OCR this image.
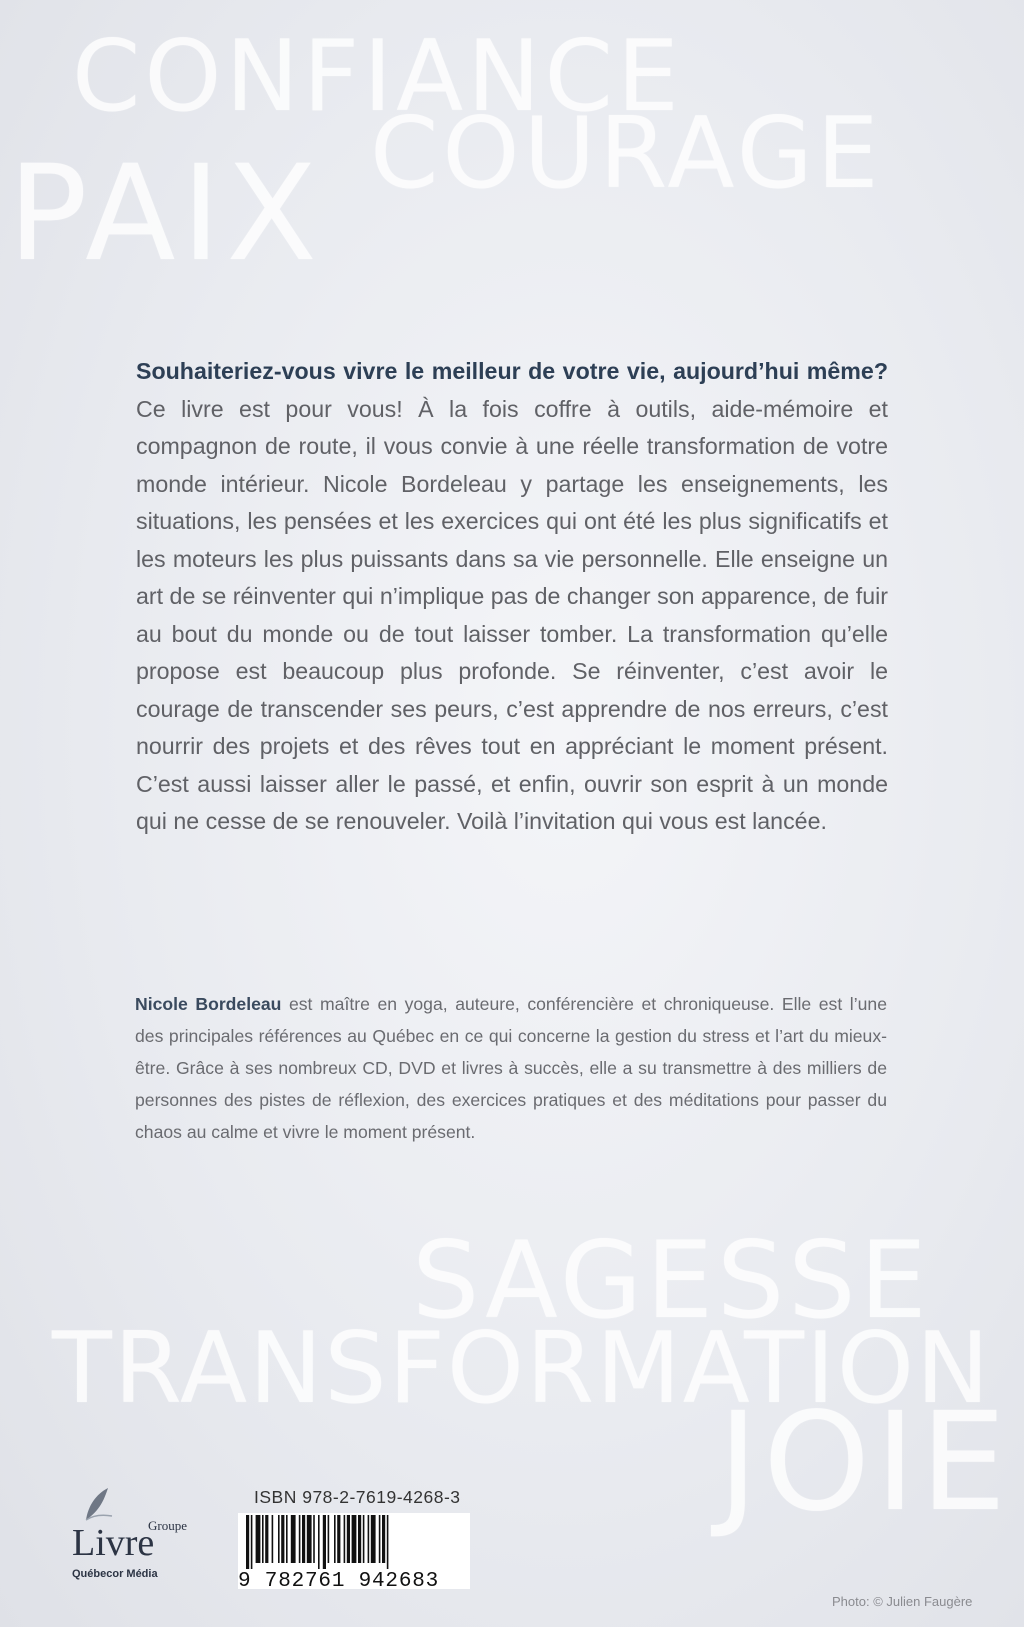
CONFIANCE
COURAGE
PAIX
SAGESSE
TRANSFORMATION
JOIE

Souhaiteriez-vous vivre le meilleur de votre vie, aujourd’hui même? Ce livre est pour vous! À la fois coffre à outils, aide-mémoire et compagnon de route, il vous convie à une réelle transformation de votre monde intérieur. Nicole Bordeleau y partage les enseignements, les situations, les pensées et les exercices qui ont été les plus significatifs et les moteurs les plus puissants dans sa vie personnelle. Elle enseigne un art de se réinventer qui n’implique pas de changer son apparence, de fuir au bout du monde ou de tout laisser tomber. La transformation qu’elle propose est beaucoup plus profonde. Se réinventer, c’est avoir le courage de transcender ses peurs, c’est apprendre de nos erreurs, c’est nourrir des projets et des rêves tout en appréciant le moment présent. C’est aussi laisser aller le passé, et enfin, ouvrir son esprit à un monde qui ne cesse de se renouveler. Voilà l’invitation qui vous est lancée.

Nicole Bordeleau est maître en yoga, auteure, conférencière et chroniqueuse. Elle est l’une des principales références au Québec en ce qui concerne la gestion du stress et l’art du mieux-être. Grâce à ses nombreux CD, DVD et livres à succès, elle a su transmettre à des milliers de personnes des pistes de réflexion, des exercices pratiques et des méditations pour passer du chaos au calme et vivre le moment présent.

Groupe
Livre
Québecor Média
ISBN 978-2-7619-4268-3
9 782761 942683
Photo: © Julien Faugère
